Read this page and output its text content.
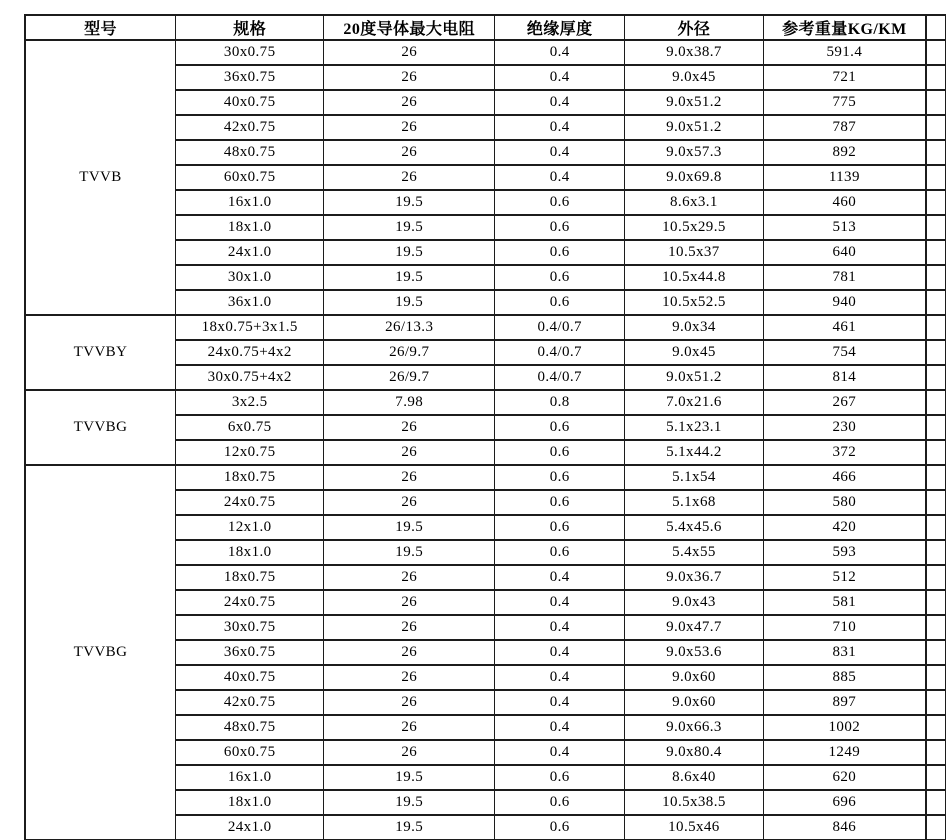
型号	规格	20度导体最大电阻	绝缘厚度	外径	参考重量KG/KM	
TVVB	30x0.75	26	0.4	9.0x38.7	591.4	
	36x0.75	26	0.4	9.0x45	721	
	40x0.75	26	0.4	9.0x51.2	775	
	42x0.75	26	0.4	9.0x51.2	787	
	48x0.75	26	0.4	9.0x57.3	892	
	60x0.75	26	0.4	9.0x69.8	1139	
	16x1.0	19.5	0.6	8.6x3.1	460	
	18x1.0	19.5	0.6	10.5x29.5	513	
	24x1.0	19.5	0.6	10.5x37	640	
	30x1.0	19.5	0.6	10.5x44.8	781	
	36x1.0	19.5	0.6	10.5x52.5	940	
TVVBY	18x0.75+3x1.5	26/13.3	0.4/0.7	9.0x34	461	
	24x0.75+4x2	26/9.7	0.4/0.7	9.0x45	754	
	30x0.75+4x2	26/9.7	0.4/0.7	9.0x51.2	814	
TVVBG	3x2.5	7.98	0.8	7.0x21.6	267	
	6x0.75	26	0.6	5.1x23.1	230	
	12x0.75	26	0.6	5.1x44.2	372	
TVVBG	18x0.75	26	0.6	5.1x54	466	
	24x0.75	26	0.6	5.1x68	580	
	12x1.0	19.5	0.6	5.4x45.6	420	
	18x1.0	19.5	0.6	5.4x55	593	
	18x0.75	26	0.4	9.0x36.7	512	
	24x0.75	26	0.4	9.0x43	581	
	30x0.75	26	0.4	9.0x47.7	710	
	36x0.75	26	0.4	9.0x53.6	831	
	40x0.75	26	0.4	9.0x60	885	
	42x0.75	26	0.4	9.0x60	897	
	48x0.75	26	0.4	9.0x66.3	1002	
	60x0.75	26	0.4	9.0x80.4	1249	
	16x1.0	19.5	0.6	8.6x40	620	
	18x1.0	19.5	0.6	10.5x38.5	696	
	24x1.0	19.5	0.6	10.5x46	846	
